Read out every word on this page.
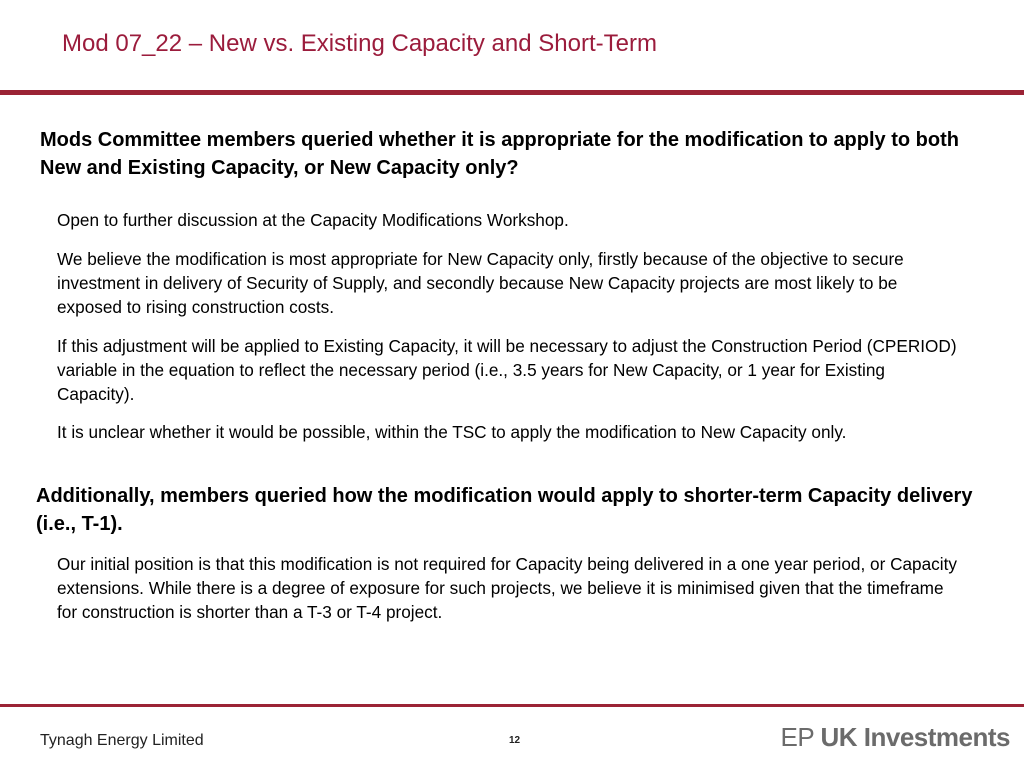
Mod 07_22 – New vs. Existing Capacity and Short-Term
Mods Committee members queried whether it is appropriate for the modification to apply to both New and Existing Capacity, or New Capacity only?
Open to further discussion at the Capacity Modifications Workshop.
We believe the modification is most appropriate for New Capacity only, firstly because of the objective to secure investment in delivery of Security of Supply, and secondly because New Capacity projects are most likely to be exposed to rising construction costs.
If this adjustment will be applied to Existing Capacity, it will be necessary to adjust the Construction Period (CPERIOD) variable in the equation to reflect the necessary period (i.e., 3.5 years for New Capacity, or 1 year for Existing Capacity).
It is unclear whether it would be possible, within the TSC to apply the modification to New Capacity only.
Additionally, members queried how the modification would apply to shorter-term Capacity delivery (i.e., T-1).
Our initial position is that this modification is not required for Capacity being delivered in a one year period, or Capacity extensions. While there is a degree of exposure for such projects, we believe it is minimised given that the timeframe for construction is shorter than a T-3 or T-4 project.
Tynagh Energy Limited	12	EP UK Investments
